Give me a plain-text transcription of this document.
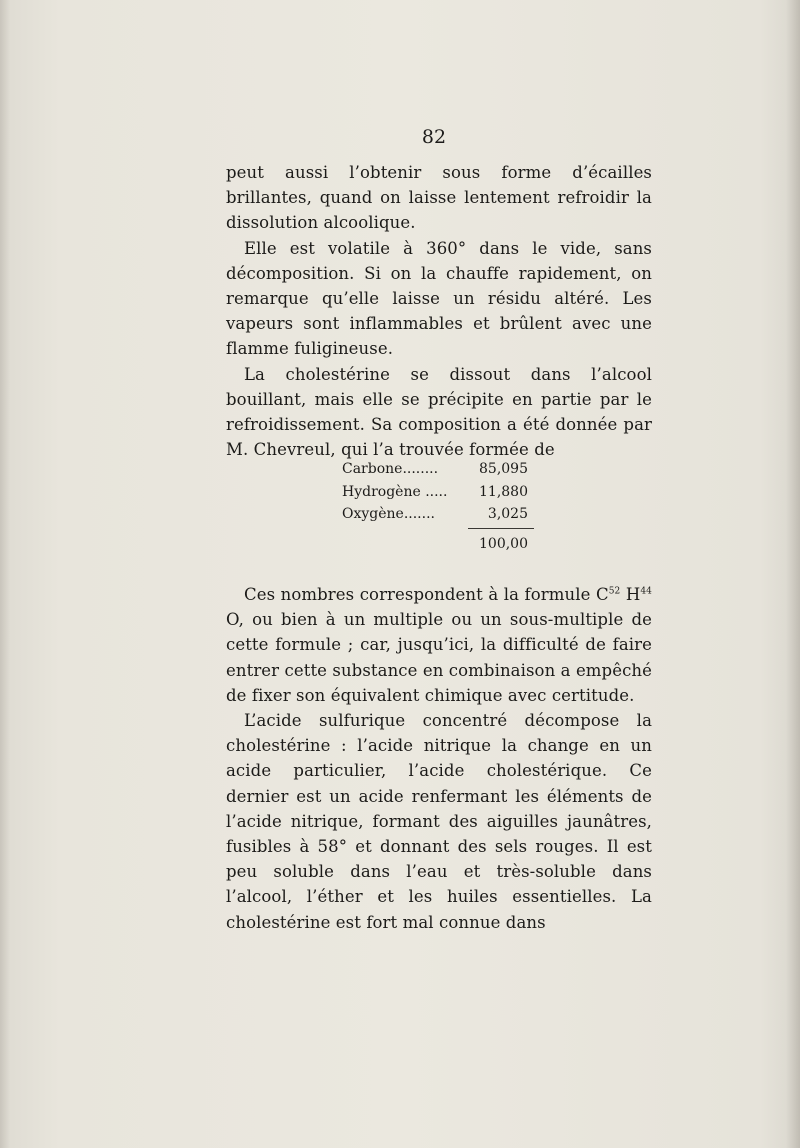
82

peut aussi l’obtenir sous forme d’écailles brillantes, quand on laisse lentement refroidir la dissolution alcoolique.

Elle est volatile à 360° dans le vide, sans décomposition. Si on la chauffe rapidement, on remarque qu’elle laisse un résidu altéré. Les vapeurs sont inflammables et brûlent avec une flamme fuligineuse.

La cholestérine se dissout dans l’alcool bouillant, mais elle se précipite en partie par le refroidissement. Sa composition a été donnée par M. Chevreul, qui l’a trouvée formée de

Carbone........	85,095
Hydrogène .....	11,880
Oxygène.......	3,025
100,00

Ces nombres correspondent à la formule $C^{52}$ $H^{44}$ O, ou bien à un multiple ou un sous-multiple de cette formule ; car, jusqu’ici, la difficulté de faire entrer cette substance en combinaison a empêché de fixer son équivalent chimique avec certitude.

L’acide sulfurique concentré décompose la cholestérine : l’acide nitrique la change en un acide particulier, l’acide cholestérique. Ce dernier est un acide renfermant les éléments de l’acide nitrique, formant des aiguilles jaunâtres, fusibles à 58° et donnant des sels rouges. Il est peu soluble dans l’eau et très-soluble dans l’alcool, l’éther et les huiles essentielles. La cholestérine est fort mal connue dans
